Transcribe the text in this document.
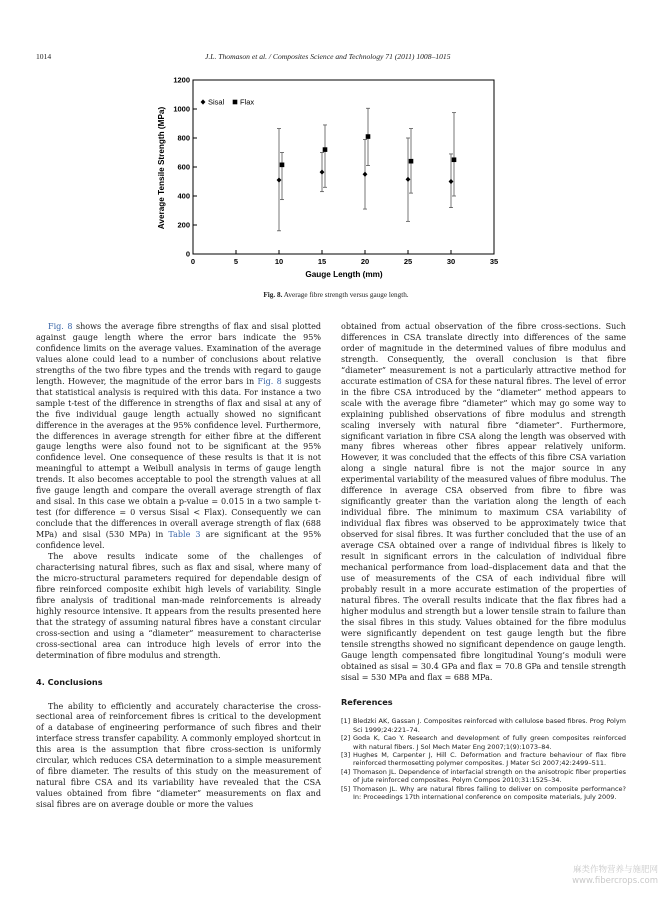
1014	J.L. Thomason et al. / Composites Science and Technology 71 (2011) 1008–1015
0	5	10	15	20	25	30	35
0
200
400
600
800
1000
1200
Average Tensile Strength (MPa)
Gauge Length (mm)
Sisal Flax
Fig. 8. Average fibre strength versus gauge length.

Fig. 8 shows the average fibre strengths of flax and sisal plotted against gauge length where the error bars indicate the 95% confidence limits on the average values. Examination of the average values alone could lead to a number of conclusions about relative strengths of the two fibre types and the trends with regard to gauge length. However, the magnitude of the error bars in Fig. 8 suggests that statistical analysis is required with this data. For instance a two sample t-test of the difference in strengths of flax and sisal at any of the five individual gauge length actually showed no significant difference in the averages at the 95% confidence level. Furthermore, the differences in average strength for either fibre at the different gauge lengths were also found not to be significant at the 95% confidence level. One consequence of these results is that it is not meaningful to attempt a Weibull analysis in terms of gauge length trends. It also becomes acceptable to pool the strength values at all five gauge length and compare the overall average strength of flax and sisal. In this case we obtain a p-value = 0.015 in a two sample t-test (for difference = 0 versus Sisal < Flax). Consequently we can conclude that the differences in overall average strength of flax (688 MPa) and sisal (530 MPa) in Table 3 are significant at the 95% confidence level.

The above results indicate some of the challenges of characterising natural fibres, such as flax and sisal, where many of the micro-structural parameters required for dependable design of fibre reinforced composite exhibit high levels of variability. Single fibre analysis of traditional man-made reinforcements is already highly resource intensive. It appears from the results presented here that the strategy of assuming natural fibres have a constant circular cross-section and using a “diameter” measurement to characterise cross-sectional area can introduce high levels of error into the determination of fibre modulus and strength.

4. Conclusions

The ability to efficiently and accurately characterise the cross-sectional area of reinforcement fibres is critical to the development of a database of engineering performance of such fibres and their interface stress transfer capability. A commonly employed shortcut in this area is the assumption that fibre cross-section is uniformly circular, which reduces CSA determination to a simple measurement of fibre diameter. The results of this study on the measurement of natural fibre CSA and its variability have revealed that the CSA values obtained from fibre “diameter” measurements on flax and sisal fibres are on average double or more the values

obtained from actual observation of the fibre cross-sections. Such differences in CSA translate directly into differences of the same order of magnitude in the determined values of fibre modulus and strength. Consequently, the overall conclusion is that fibre “diameter” measurement is not a particularly attractive method for accurate estimation of CSA for these natural fibres. The level of error in the fibre CSA introduced by the “diameter” method appears to scale with the average fibre “diameter” which may go some way to explaining published observations of fibre modulus and strength scaling inversely with natural fibre “diameter”. Furthermore, significant variation in fibre CSA along the length was observed with many fibres whereas other fibres appear relatively uniform. However, it was concluded that the effects of this fibre CSA variation along a single natural fibre is not the major source in any experimental variability of the measured values of fibre modulus. The difference in average CSA observed from fibre to fibre was significantly greater than the variation along the length of each individual fibre. The minimum to maximum CSA variability of individual flax fibres was observed to be approximately twice that observed for sisal fibres. It was further concluded that the use of an average CSA obtained over a range of individual fibres is likely to result in significant errors in the calculation of individual fibre mechanical performance from load–displacement data and that the use of measurements of the CSA of each individual fibre will probably result in a more accurate estimation of the properties of natural fibres. The overall results indicate that the flax fibres had a higher modulus and strength but a lower tensile strain to failure than the sisal fibres in this study. Values obtained for the fibre modulus were significantly dependent on test gauge length but the fibre tensile strengths showed no significant dependence on gauge length. Gauge length compensated fibre longitudinal Young’s moduli were obtained as sisal = 30.4 GPa and flax = 70.8 GPa and tensile strength sisal = 530 MPa and flax = 688 MPa.

References
[1] Bledzki AK, Gassan J. Composites reinforced with cellulose based fibres. Prog Polym Sci 1999;24:221–74.
[2] Goda K, Cao Y. Research and development of fully green composites reinforced with natural fibers. J Sol Mech Mater Eng 2007;1(9):1073–84.
[3] Hughes M, Carpenter J, Hill C. Deformation and fracture behaviour of flax fibre reinforced thermosetting polymer composites. J Mater Sci 2007;42:2499–511.
[4] Thomason JL. Dependence of interfacial strength on the anisotropic fiber properties of jute reinforced composites. Polym Compos 2010;31:1525–34.
[5] Thomason JL. Why are natural fibres failing to deliver on composite performance? In: Proceedings 17th international conference on composite materials, July 2009.
麻类作物营养与施肥网
www.fibercrops.com
